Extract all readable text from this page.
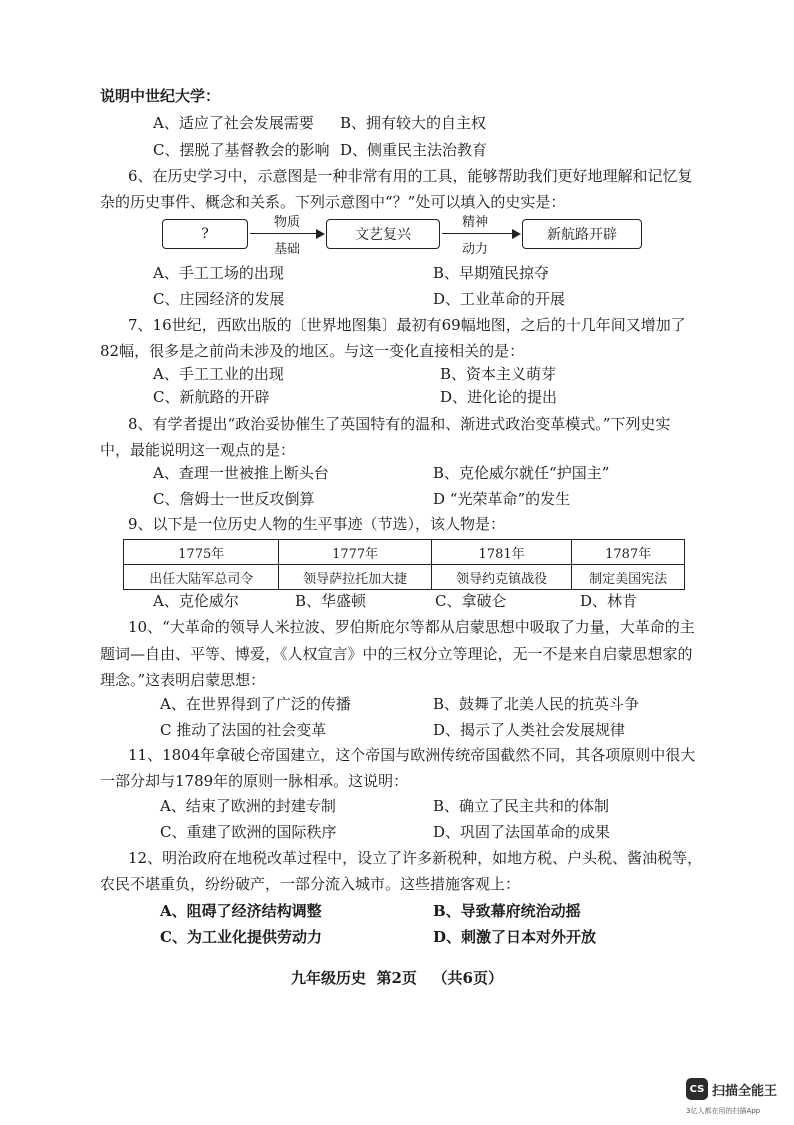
说明中世纪大学：
A、适应了社会发展需要 B、拥有较大的自主权
C、摆脱了基督教会的影响 D、侧重民主法治教育
6、在历史学习中，示意图是一种非常有用的工具，能够帮助我们更好地理解和记忆复
杂的历史事件、概念和关系。下列示意图中“？”处可以填入的史实是：
?
物质
基础
文艺复兴
精神
动力
新航路开辟
A、手工工场的出现	B、早期殖民掠夺
C、庄园经济的发展	D、工业革命的开展
7、16世纪，西欧出版的〔世界地图集〕最初有69幅地图，之后的十几年间又增加了
82幅，很多是之前尚未涉及的地区。与这一变化直接相关的是：
A、手工工业的出现	B、资本主义萌芽
C、新航路的开辟	D、进化论的提出
8、有学者提出“政治妥协催生了英国特有的温和、渐进式政治变革模式。”下列史实
中，最能说明这一观点的是：
A、查理一世被推上断头台	B、克伦威尔就任“护国主”
C、詹姆士一世反攻倒算	D “光荣革命”的发生
9、以下是一位历史人物的生平事迹（节选），该人物是：
1775年	1777年	1781年	1787年
出任大陆军总司令	领导萨拉托加大捷	领导约克镇战役	制定美国宪法
A、克伦威尔	B、华盛顿	C、拿破仑	D、林肯
10、“大革命的领导人米拉波、罗伯斯庇尔等都从启蒙思想中吸取了力量，大革命的主
题词—自由、平等、博爱，《人权宣言》中的三权分立等理论，无一不是来自启蒙思想家的
理念。”这表明启蒙思想：
A、在世界得到了广泛的传播	B、鼓舞了北美人民的抗英斗争
C 推动了法国的社会变革	D、揭示了人类社会发展规律
11、1804年拿破仑帝国建立，这个帝国与欧洲传统帝国截然不同，其各项原则中很大
一部分却与1789年的原则一脉相承。这说明：
A、结束了欧洲的封建专制	B、确立了民主共和的体制
C、重建了欧洲的国际秩序	D、巩固了法国革命的成果
12、明治政府在地税改革过程中，设立了许多新税种，如地方税、户头税、酱油税等，
农民不堪重负，纷纷破产，一部分流入城市。这些措施客观上：
A、阻碍了经济结构调整	B、导致幕府统治动摇
C、为工业化提供劳动力	D、刺激了日本对外开放
九年级历史  第2页   （共6页）
CS 扫描全能王
3亿人都在用的扫描App
